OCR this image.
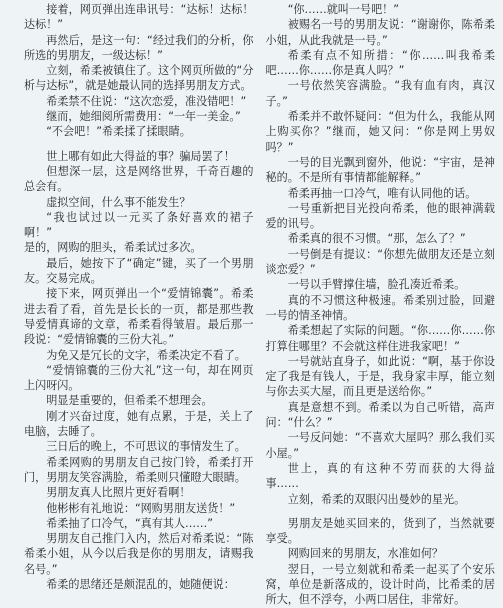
接着，网页弹出连串讯号：“达标！达标！达标！”

再然后，是这一句：“经过我们的分析，你所选的男朋友，一级达标！”

立刻，希柔被镇住了。这个网页所做的“分析与达标”，就是她最认同的选择男朋友方式。

希柔禁不住说：“这次恋爱，准没错吧！”

继而，她细阅所需费用：“一年一美金。”

“不会吧！”希柔揉了揉眼睛。

世上哪有如此大得益的事？骗局罢了！

但想深一层，这是网络世界，千奇百趣的总会有。

虚拟空间，什么事不能发生？

“我也试过以一元买了条好喜欢的裙子啊！”

是的，网购的胆头，希柔试过多次。

最后，她按下了“确定”键，买了一个男朋友。交易完成。

接下来，网页弹出一个“爱情锦囊”。希柔进去看了看，首先是长长的一页，都是那些教导爱情真谛的文章，希柔看得皱眉。最后那一段说：“爱情锦囊的三份大礼。”

为免又是冗长的文字，希柔决定不看了。

“爱情锦囊的三份大礼”这一句，却在网页上闪呀闪。

明显是重要的，但希柔不想理会。

刚才兴奋过度，她有点累，于是，关上了电脑，去睡了。

三日后的晚上，不可思议的事情发生了。

希柔网购的男朋友自己按门铃，希柔打开门，男朋友笑容满脸，希柔则只懂瞪大眼睛。

男朋友真人比照片更好看啊！

他彬彬有礼地说：“网购男朋友送货！”

希柔抽了口冷气，“真有其人……”

男朋友自己推门入内，然后对希柔说：“陈希柔小姐，从今以后我是你的男朋友，请赐我名号。”

希柔的思绪还是颇混乱的，她随便说：

“你……就叫一号吧！”

被赐名一号的男朋友说：“谢谢你，陈希柔小姐，从此我就是一号。”

希柔有点不知所措：“你……叫我希柔吧……你……你是真人吗？”

一号依然笑容满脸。“我有血有肉，真汉子。”

希柔并不敢怀疑问：“但为什么，我能从网上购买你？”继而，她又问：“你是网上男奴吗？”

一号的目光飘到窗外，他说：“宇宙，是神秘的。不是所有事情都能解释。”

希柔再抽一口冷气，唯有认同他的话。

一号重新把目光投向希柔，他的眼神满载爱的讯号。

希柔真的很不习惯。“那，怎么了？”

一号倒是有提议：“你想先做朋友还是立刻谈恋爱？”

一号以手臂撑住墙，脸孔凑近希柔。

真的不习惯这种极速。希柔别过脸，回避一号的情圣神情。

希柔想起了实际的问题。“你……你……你打算住哪里？不会就这样住进我家吧！”

一号就站直身子，如此说：“啊，基于你设定了我是有钱人，于是，我身家丰厚，能立刻与你去买大屋，而且更是送给你。”

真是意想不到。希柔以为自己听错，高声问：“什么？”

一号反问她：“不喜欢大屋吗？那么我们买小屋。”

世上，真的有这种不劳而获的大得益事……

立刻，希柔的双眼闪出曼妙的星光。

男朋友是她买回来的，货到了，当然就要享受。

网购回来的男朋友，水准如何？

翌日，一号立刻就和希柔一起买了个安乐窝，单位是新落成的，设计时尚，比希柔的居所大，但不浮夸，小两口居住，非常好。
